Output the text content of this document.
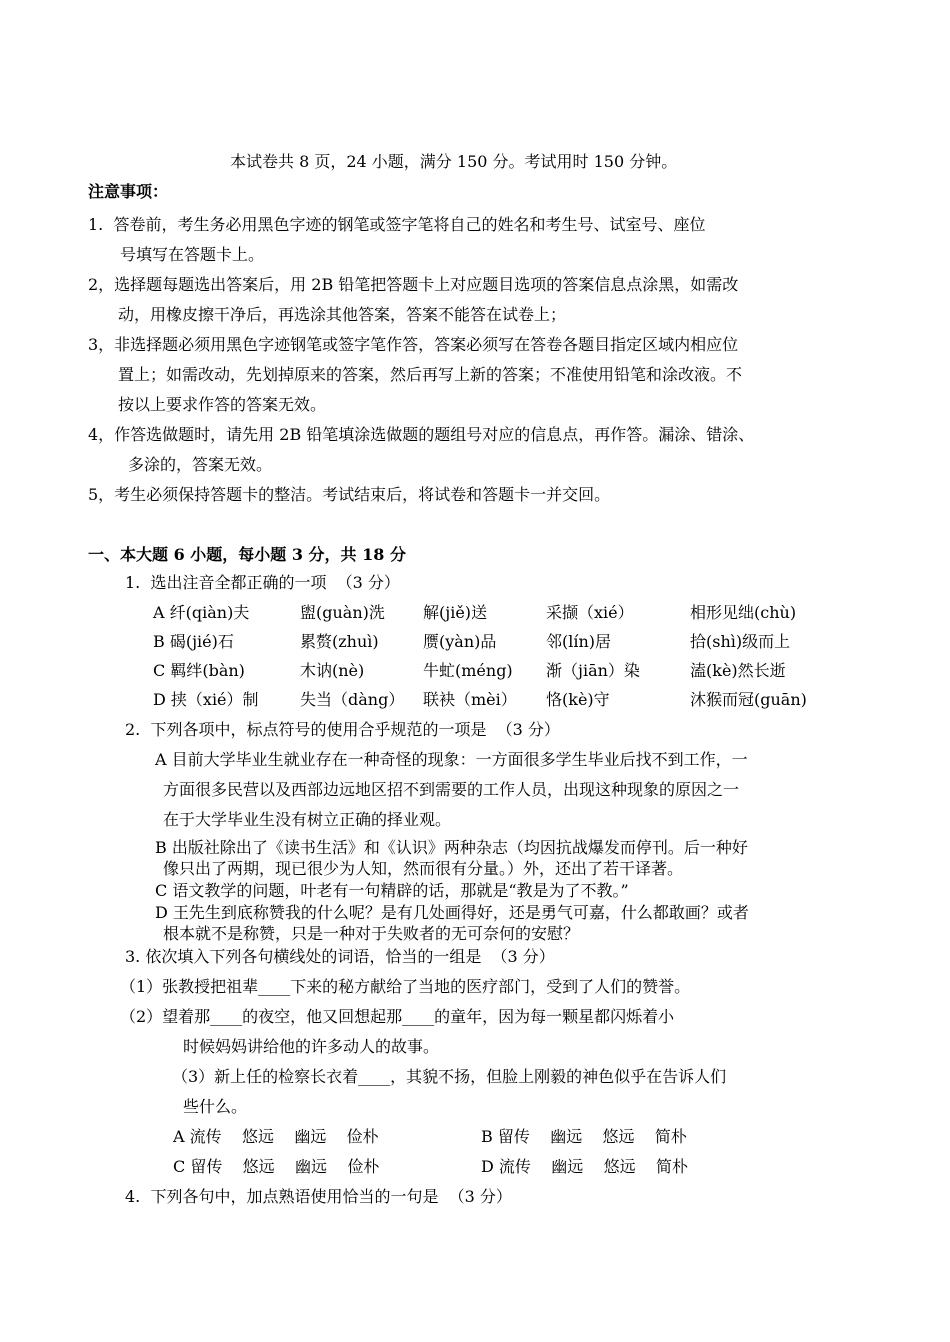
本试卷共 8 页，24 小题，满分 150 分。考试用时 150 分钟。
注意事项：
1.  答卷前，考生务必用黑色字迹的钢笔或签字笔将自己的姓名和考生号、试室号、座位
号填写在答题卡上。
2，选择题每题选出答案后，用 2B 铅笔把答题卡上对应题目选项的答案信息点涂黑，如需改
动，用橡皮擦干净后，再选涂其他答案，答案不能答在试卷上；
3，非选择题必须用黑色字迹钢笔或签字笔作答，答案必须写在答卷各题目指定区域内相应位
置上；如需改动，先划掉原来的答案，然后再写上新的答案；不准使用铅笔和涂改液。不
按以上要求作答的答案无效。
4，作答选做题时，请先用 2B 铅笔填涂选做题的题组号对应的信息点，再作答。漏涂、错涂、
多涂的，答案无效。
5，考生必须保持答题卡的整洁。考试结束后，将试卷和答题卡一并交回。
一、本大题 6 小题，每小题 3 分，共 18 分
1.  选出注音全都正确的一项  （3 分）
A 纤(qiàn)夫	盥(guàn)洗 解(jiě)送	采撷（xié）	相形见绌(chù)
B 碣(jié)石	累赘(zhuì)	赝(yàn)品	邻(lín)居	拾(shì)级而上
C 羁绊(bàn)	木讷(nè)	牛虻(méng) 渐（jiān）染	溘(kè)然长逝
D 挟（xié）制	失当（dàng） 联袂（mèi） 恪(kè)守	沐猴而冠(guān)
2.  下列各项中，标点符号的使用合乎规范的一项是  （3 分）
A 目前大学毕业生就业存在一种奇怪的现象：一方面很多学生毕业后找不到工作，一
方面很多民营以及西部边远地区招不到需要的工作人员，出现这种现象的原因之一
在于大学毕业生没有树立正确的择业观。
B 出版社除出了《读书生活》和《认识》两种杂志（均因抗战爆发而停刊。后一种好
像只出了两期，现已很少为人知，然而很有分量。）外，还出了若干译著。
C 语文教学的问题，叶老有一句精辟的话，那就是“教是为了不教。”
D 王先生到底称赞我的什么呢？是有几处画得好，还是勇气可嘉，什么都敢画？或者
根本就不是称赞，只是一种对于失败者的无可奈何的安慰？
3. 依次填入下列各句横线处的词语，恰当的一组是  （3 分）
（1）张教授把祖辈____下来的秘方献给了当地的医疗部门，受到了人们的赞誉。
（2）望着那____的夜空，他又回想起那____的童年，因为每一颗星都闪烁着小
时候妈妈讲给他的许多动人的故事。
（3）新上任的检察长衣着____，其貌不扬，但脸上刚毅的神色似乎在告诉人们
些什么。
A 流传    悠远    幽远    俭朴	B 留传    幽远    悠远    简朴
C 留传    悠远    幽远    俭朴	D 流传    幽远    悠远    简朴
4.  下列各句中，加点熟语使用恰当的一句是  （3 分）
